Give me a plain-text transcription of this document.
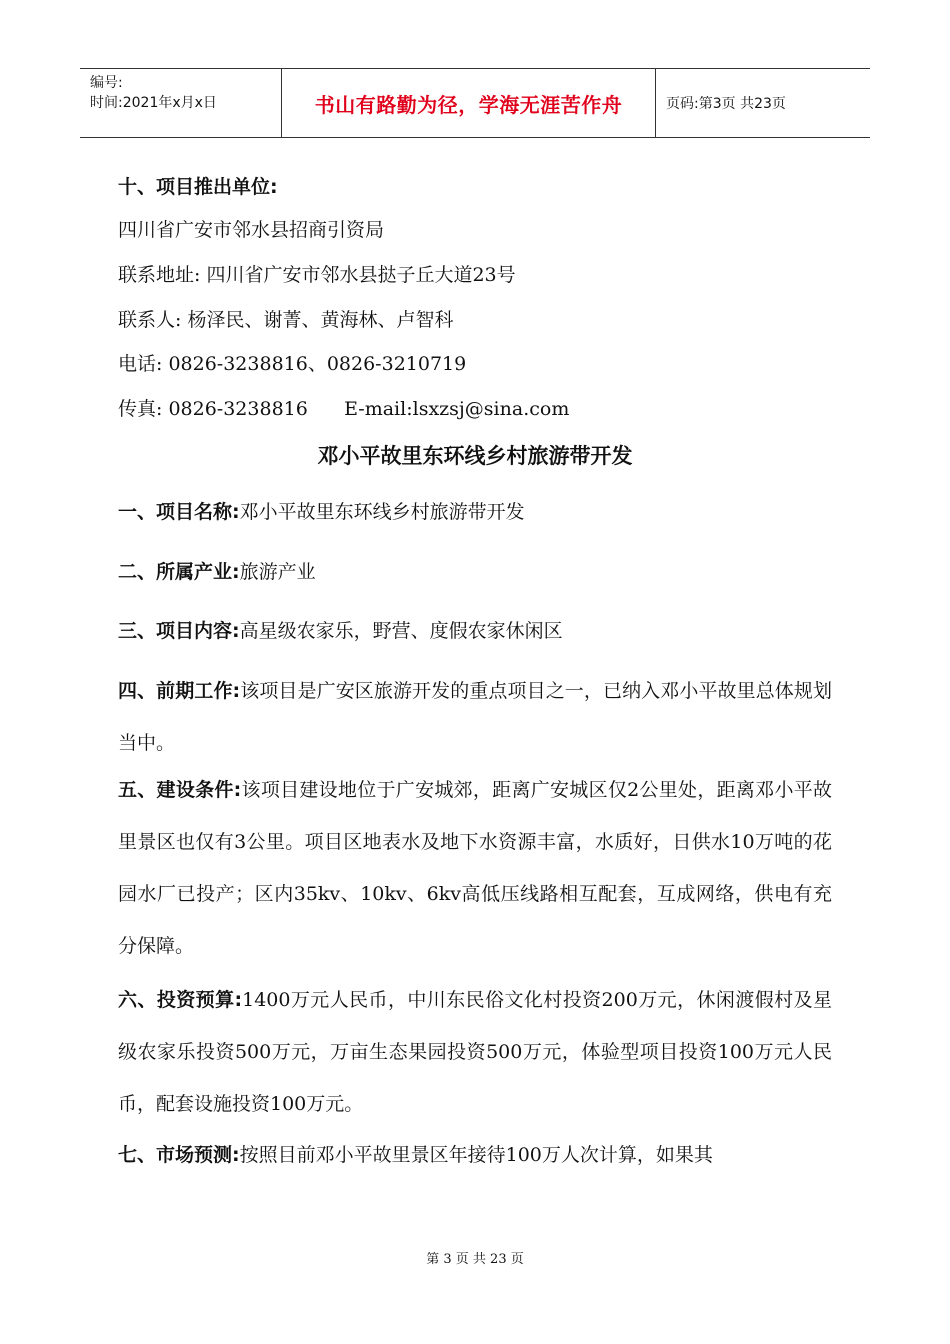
编号:
时间:2021年x月x日	书山有路勤为径，学海无涯苦作舟	页码:第3页 共23页
十、项目推出单位:
四川省广安市邻水县招商引资局
联系地址: 四川省广安市邻水县挞子丘大道23号
联系人: 杨泽民、谢菁、黄海林、卢智科
电话: 0826-3238816、0826-3210719
传真: 0826-3238816      E-mail:lsxzsj@sina.com
邓小平故里东环线乡村旅游带开发
一、项目名称:邓小平故里东环线乡村旅游带开发
二、所属产业:旅游产业
三、项目内容:高星级农家乐，野营、度假农家休闲区
四、前期工作:该项目是广安区旅游开发的重点项目之一，已纳入邓小平故里总体规划当中。
五、建设条件:该项目建设地位于广安城郊，距离广安城区仅2公里处，距离邓小平故里景区也仅有3公里。项目区地表水及地下水资源丰富，水质好，日供水10万吨的花园水厂已投产；区内35kv、10kv、6kv高低压线路相互配套，互成网络，供电有充分保障。
六、投资预算:1400万元人民币，中川东民俗文化村投资200万元，休闲渡假村及星级农家乐投资500万元，万亩生态果园投资500万元，体验型项目投资100万元人民币，配套设施投资100万元。
七、市场预测:按照目前邓小平故里景区年接待100万人次计算，如果其
第 3 页 共 23 页
